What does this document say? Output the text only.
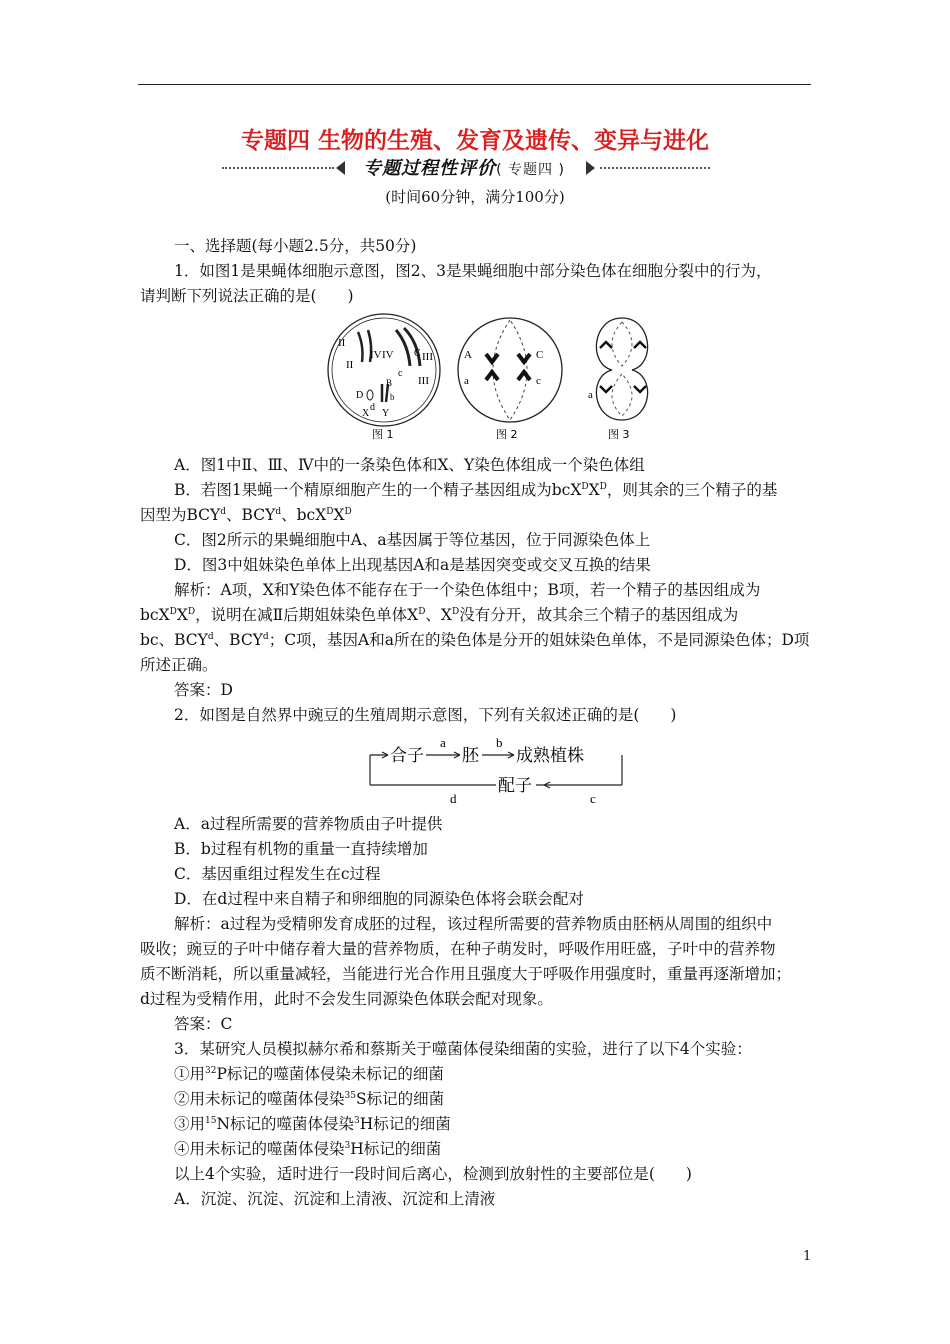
专题四 生物的生殖、发育及遗传、变异与进化
专题过程性评价( 专题四 )
(时间60分钟，满分100分)
一、选择题(每小题2.5分，共50分)
1．如图1是果蝇体细胞示意图，图2、3是果蝇细胞中部分染色体在细胞分裂中的行为，
请判断下列说法正确的是(　　)
II
II
IV IV	III
III
C
c
D
d
X Y
B
b
图 1
A
a
C
c
图 2
a
图 3
A．图1中Ⅱ、Ⅲ、Ⅳ中的一条染色体和X、Y染色体组成一个染色体组
B．若图1果蝇一个精原细胞产生的一个精子基因组成为$bcX^DX^D$，则其余的三个精子的基
因型为BCY$^d$、BCY$^d$、$bcX^DX^D$
C．图2所示的果蝇细胞中A、a基因属于等位基因，位于同源染色体上
D．图3中姐妹染色单体上出现基因A和a是基因突变或交叉互换的结果
解析：A项，X和Y染色体不能存在于一个染色体组中；B项，若一个精子的基因组成为
$bcX^DX^D$，说明在减Ⅱ后期姐妹染色单体$X^D$、$X^D$没有分开，故其余三个精子的基因组成为
bc、BCY$^d$、BCY$^d$；C项，基因A和a所在的染色体是分开的姐妹染色单体，不是同源染色体；D项
所述正确。
答案：D
2．如图是自然界中豌豆的生殖周期示意图，下列有关叙述正确的是(　　)
合子
a
胚
b
成熟植株
配子
c
d
A．a过程所需要的营养物质由子叶提供
B．b过程有机物的重量一直持续增加
C．基因重组过程发生在c过程
D．在d过程中来自精子和卵细胞的同源染色体将会联会配对
解析：a过程为受精卵发育成胚的过程，该过程所需要的营养物质由胚柄从周围的组织中
吸收；豌豆的子叶中储存着大量的营养物质，在种子萌发时，呼吸作用旺盛，子叶中的营养物
质不断消耗，所以重量减轻，当能进行光合作用且强度大于呼吸作用强度时，重量再逐渐增加；
d过程为受精作用，此时不会发生同源染色体联会配对现象。
答案：C
3．某研究人员模拟赫尔希和蔡斯关于噬菌体侵染细菌的实验，进行了以下4个实验：
①用$^{32}$P标记的噬菌体侵染未标记的细菌
②用未标记的噬菌体侵染$^{35}$S标记的细菌
③用$^{15}$N标记的噬菌体侵染$^3$H标记的细菌
④用未标记的噬菌体侵染$^3$H标记的细菌
以上4个实验，适时进行一段时间后离心，检测到放射性的主要部位是(　　)
A．沉淀、沉淀、沉淀和上清液、沉淀和上清液
1
